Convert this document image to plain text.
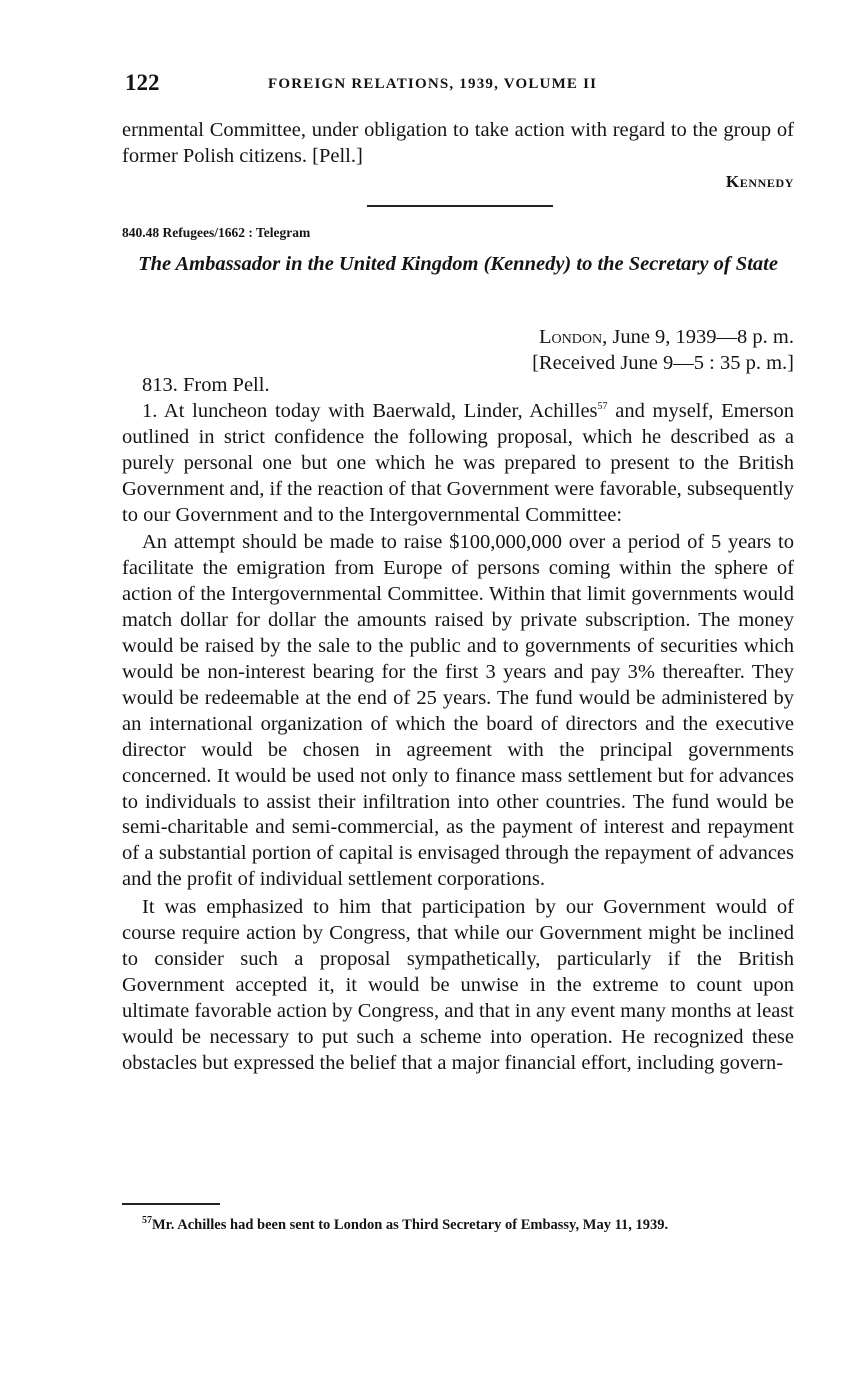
122	FOREIGN RELATIONS, 1939, VOLUME II

ernmental Committee, under obligation to take action with regard to the group of former Polish citizens. [Pell.]

Kennedy
840.48 Refugees/1662 : Telegram

The Ambassador in the United Kingdom (Kennedy) to the Secretary of State

London, June 9, 1939—8 p. m.

[Received June 9—5 : 35 p. m.]

813. From Pell.

1. At luncheon today with Baerwald, Linder, Achilles$^{57}$ and myself, Emerson outlined in strict confidence the following proposal, which he described as a purely personal one but one which he was prepared to present to the British Government and, if the reaction of that Government were favorable, subsequently to our Government and to the Intergovernmental Committee:

An attempt should be made to raise $100,000,000 over a period of 5 years to facilitate the emigration from Europe of persons coming within the sphere of action of the Intergovernmental Committee. Within that limit governments would match dollar for dollar the amounts raised by private subscription. The money would be raised by the sale to the public and to governments of securities which would be non-interest bearing for the first 3 years and pay 3% thereafter. They would be redeemable at the end of 25 years. The fund would be administered by an international organization of which the board of directors and the executive director would be chosen in agreement with the principal governments concerned. It would be used not only to finance mass settlement but for advances to individuals to assist their infiltration into other countries. The fund would be semi-charitable and semi-commercial, as the payment of interest and repayment of a substantial portion of capital is envisaged through the repayment of advances and the profit of individual settlement corporations.

It was emphasized to him that participation by our Government would of course require action by Congress, that while our Government might be inclined to consider such a proposal sympathetically, particularly if the British Government accepted it, it would be unwise in the extreme to count upon ultimate favorable action by Congress, and that in any event many months at least would be necessary to put such a scheme into operation. He recognized these obstacles but expressed the belief that a major financial effort, including govern-

$^{57}$Mr. Achilles had been sent to London as Third Secretary of Embassy, May 11, 1939.
